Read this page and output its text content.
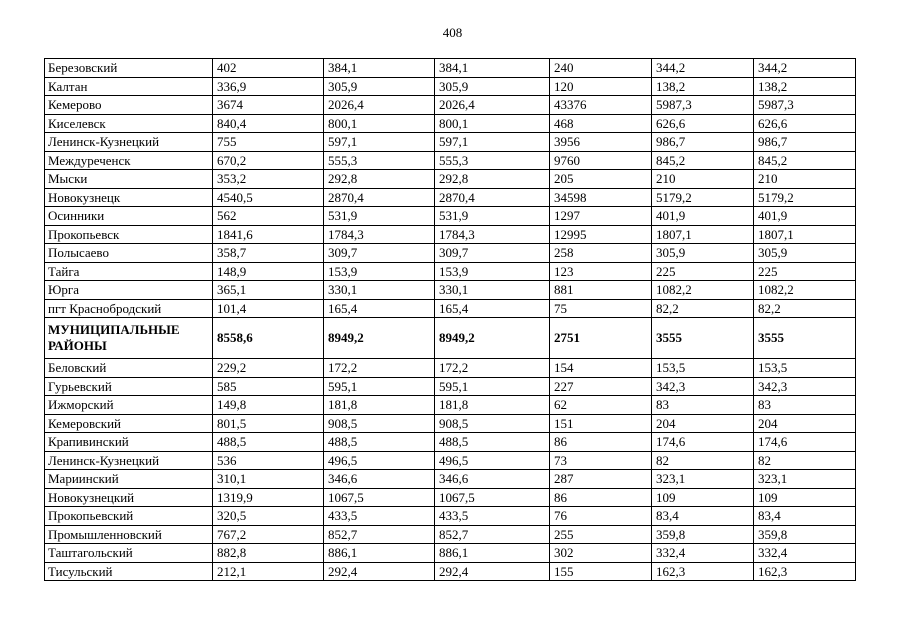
408
Березовский	402	384,1	384,1	240	344,2	344,2
Калтан	336,9	305,9	305,9	120	138,2	138,2
Кемерово	3674	2026,4	2026,4	43376	5987,3	5987,3
Киселевск	840,4	800,1	800,1	468	626,6	626,6
Ленинск-Кузнецкий	755	597,1	597,1	3956	986,7	986,7
Междуреченск	670,2	555,3	555,3	9760	845,2	845,2
Мыски	353,2	292,8	292,8	205	210	210
Новокузнецк	4540,5	2870,4	2870,4	34598	5179,2	5179,2
Осинники	562	531,9	531,9	1297	401,9	401,9
Прокопьевск	1841,6	1784,3	1784,3	12995	1807,1	1807,1
Полысаево	358,7	309,7	309,7	258	305,9	305,9
Тайга	148,9	153,9	153,9	123	225	225
Юрга	365,1	330,1	330,1	881	1082,2	1082,2
пгт Краснобродский	101,4	165,4	165,4	75	82,2	82,2
МУНИЦИПАЛЬНЫЕ РАЙОНЫ	8558,6	8949,2	8949,2	2751	3555	3555
Беловский	229,2	172,2	172,2	154	153,5	153,5
Гурьевский	585	595,1	595,1	227	342,3	342,3
Ижморский	149,8	181,8	181,8	62	83	83
Кемеровский	801,5	908,5	908,5	151	204	204
Крапивинский	488,5	488,5	488,5	86	174,6	174,6
Ленинск-Кузнецкий	536	496,5	496,5	73	82	82
Мариинский	310,1	346,6	346,6	287	323,1	323,1
Новокузнецкий	1319,9	1067,5	1067,5	86	109	109
Прокопьевский	320,5	433,5	433,5	76	83,4	83,4
Промышленновский	767,2	852,7	852,7	255	359,8	359,8
Таштагольский	882,8	886,1	886,1	302	332,4	332,4
Тисульский	212,1	292,4	292,4	155	162,3	162,3
